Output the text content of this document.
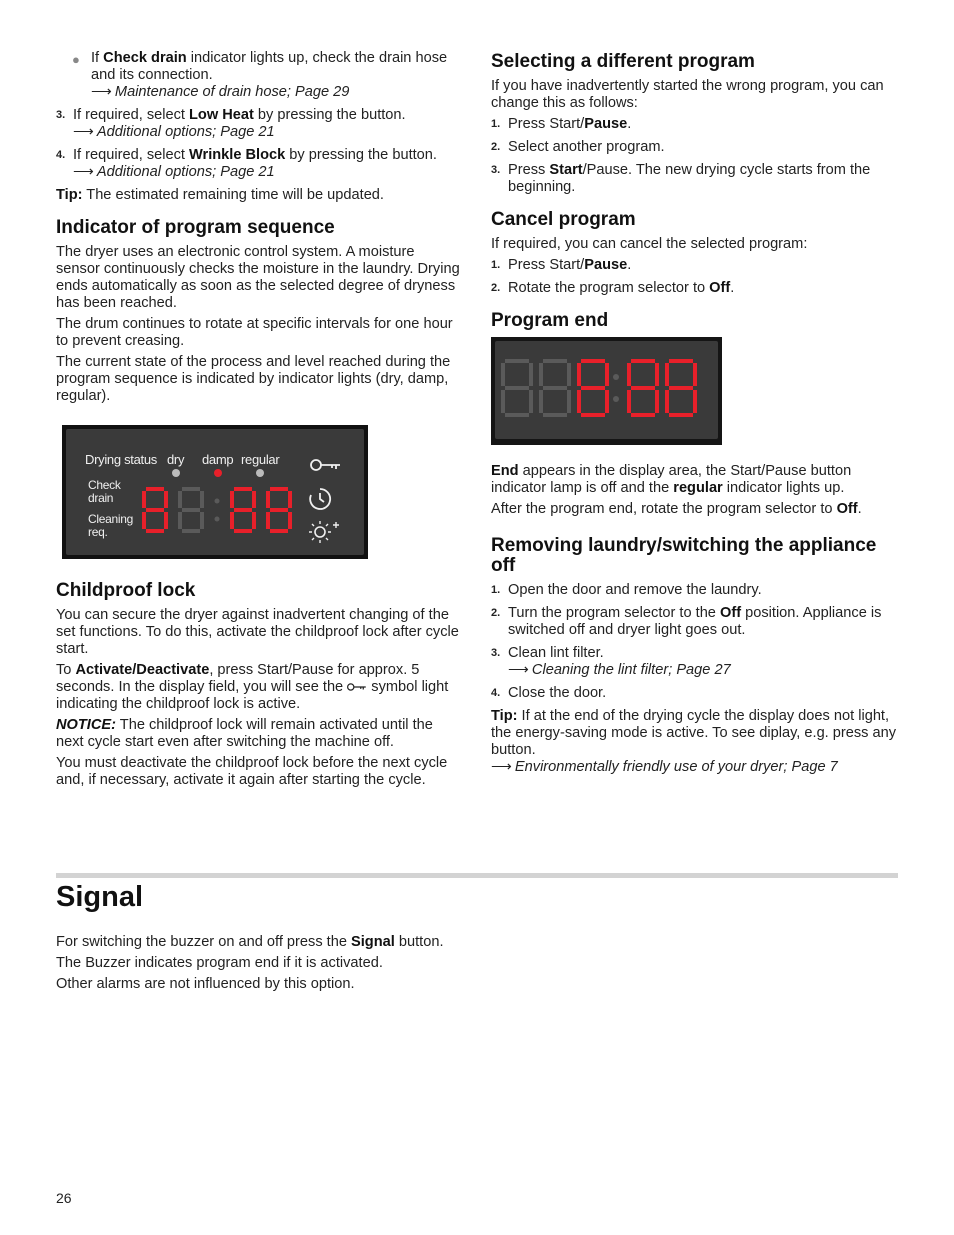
● If Check drain indicator lights up, check the drain hose and its connection.
⟶ Maintenance of drain hose; Page 29
3. If required, select Low Heat by pressing the button.
⟶ Additional options; Page 21
4. If required, select Wrinkle Block by pressing the button.
⟶ Additional options; Page 21

Tip: The estimated remaining time will be updated.

Indicator of program sequence

The dryer uses an electronic control system. A moisture sensor continuously checks the moisture in the laundry. Drying ends automatically as soon as the selected degree of dryness has been reached.

The drum continues to rotate at specific intervals for one hour to prevent creasing.

The current state of the process and level reached during the program sequence is indicated by indicator lights (dry, damp, regular).

Drying status dry damp regular
Check
drain
Cleaning
req.
Childproof lock

You can secure the dryer against inadvertent changing of the set functions. To do this, activate the childproof lock after cycle start.

To Activate/Deactivate, press Start/Pause for approx. 5 seconds. In the display field, you will see the  symbol light indicating the childproof lock is active.

NOTICE: The childproof lock will remain activated until the next cycle start even after switching the machine off.

You must deactivate the childproof lock before the next cycle and, if necessary, activate it again after starting the cycle.

Selecting a different program

If you have inadvertently started the wrong program, you can change this as follows:

1. Press Start/Pause.
2. Select another program.
3. Press Start/Pause. The new drying cycle starts from the beginning.
Cancel program

If required, you can cancel the selected program:

1. Press Start/Pause.
2. Rotate the program selector to Off.
Program end

End appears in the display area, the Start/Pause button indicator lamp is off and the regular indicator lights up.

After the program end, rotate the program selector to Off.

Removing laundry/switching the appliance off
1. Open the door and remove the laundry.
2. Turn the program selector to the Off position. Appliance is switched off and dryer light goes out.
3. Clean lint filter.
⟶ Cleaning the lint filter; Page 27
4. Close the door.

Tip: If at the end of the drying cycle the display does not light, the energy-saving mode is active. To see diplay, e.g. press any button.
⟶ Environmentally friendly use of your dryer; Page 7

Signal

For switching the buzzer on and off press the Signal button.

The Buzzer indicates program end if it is activated.

Other alarms are not influenced by this option.

26
